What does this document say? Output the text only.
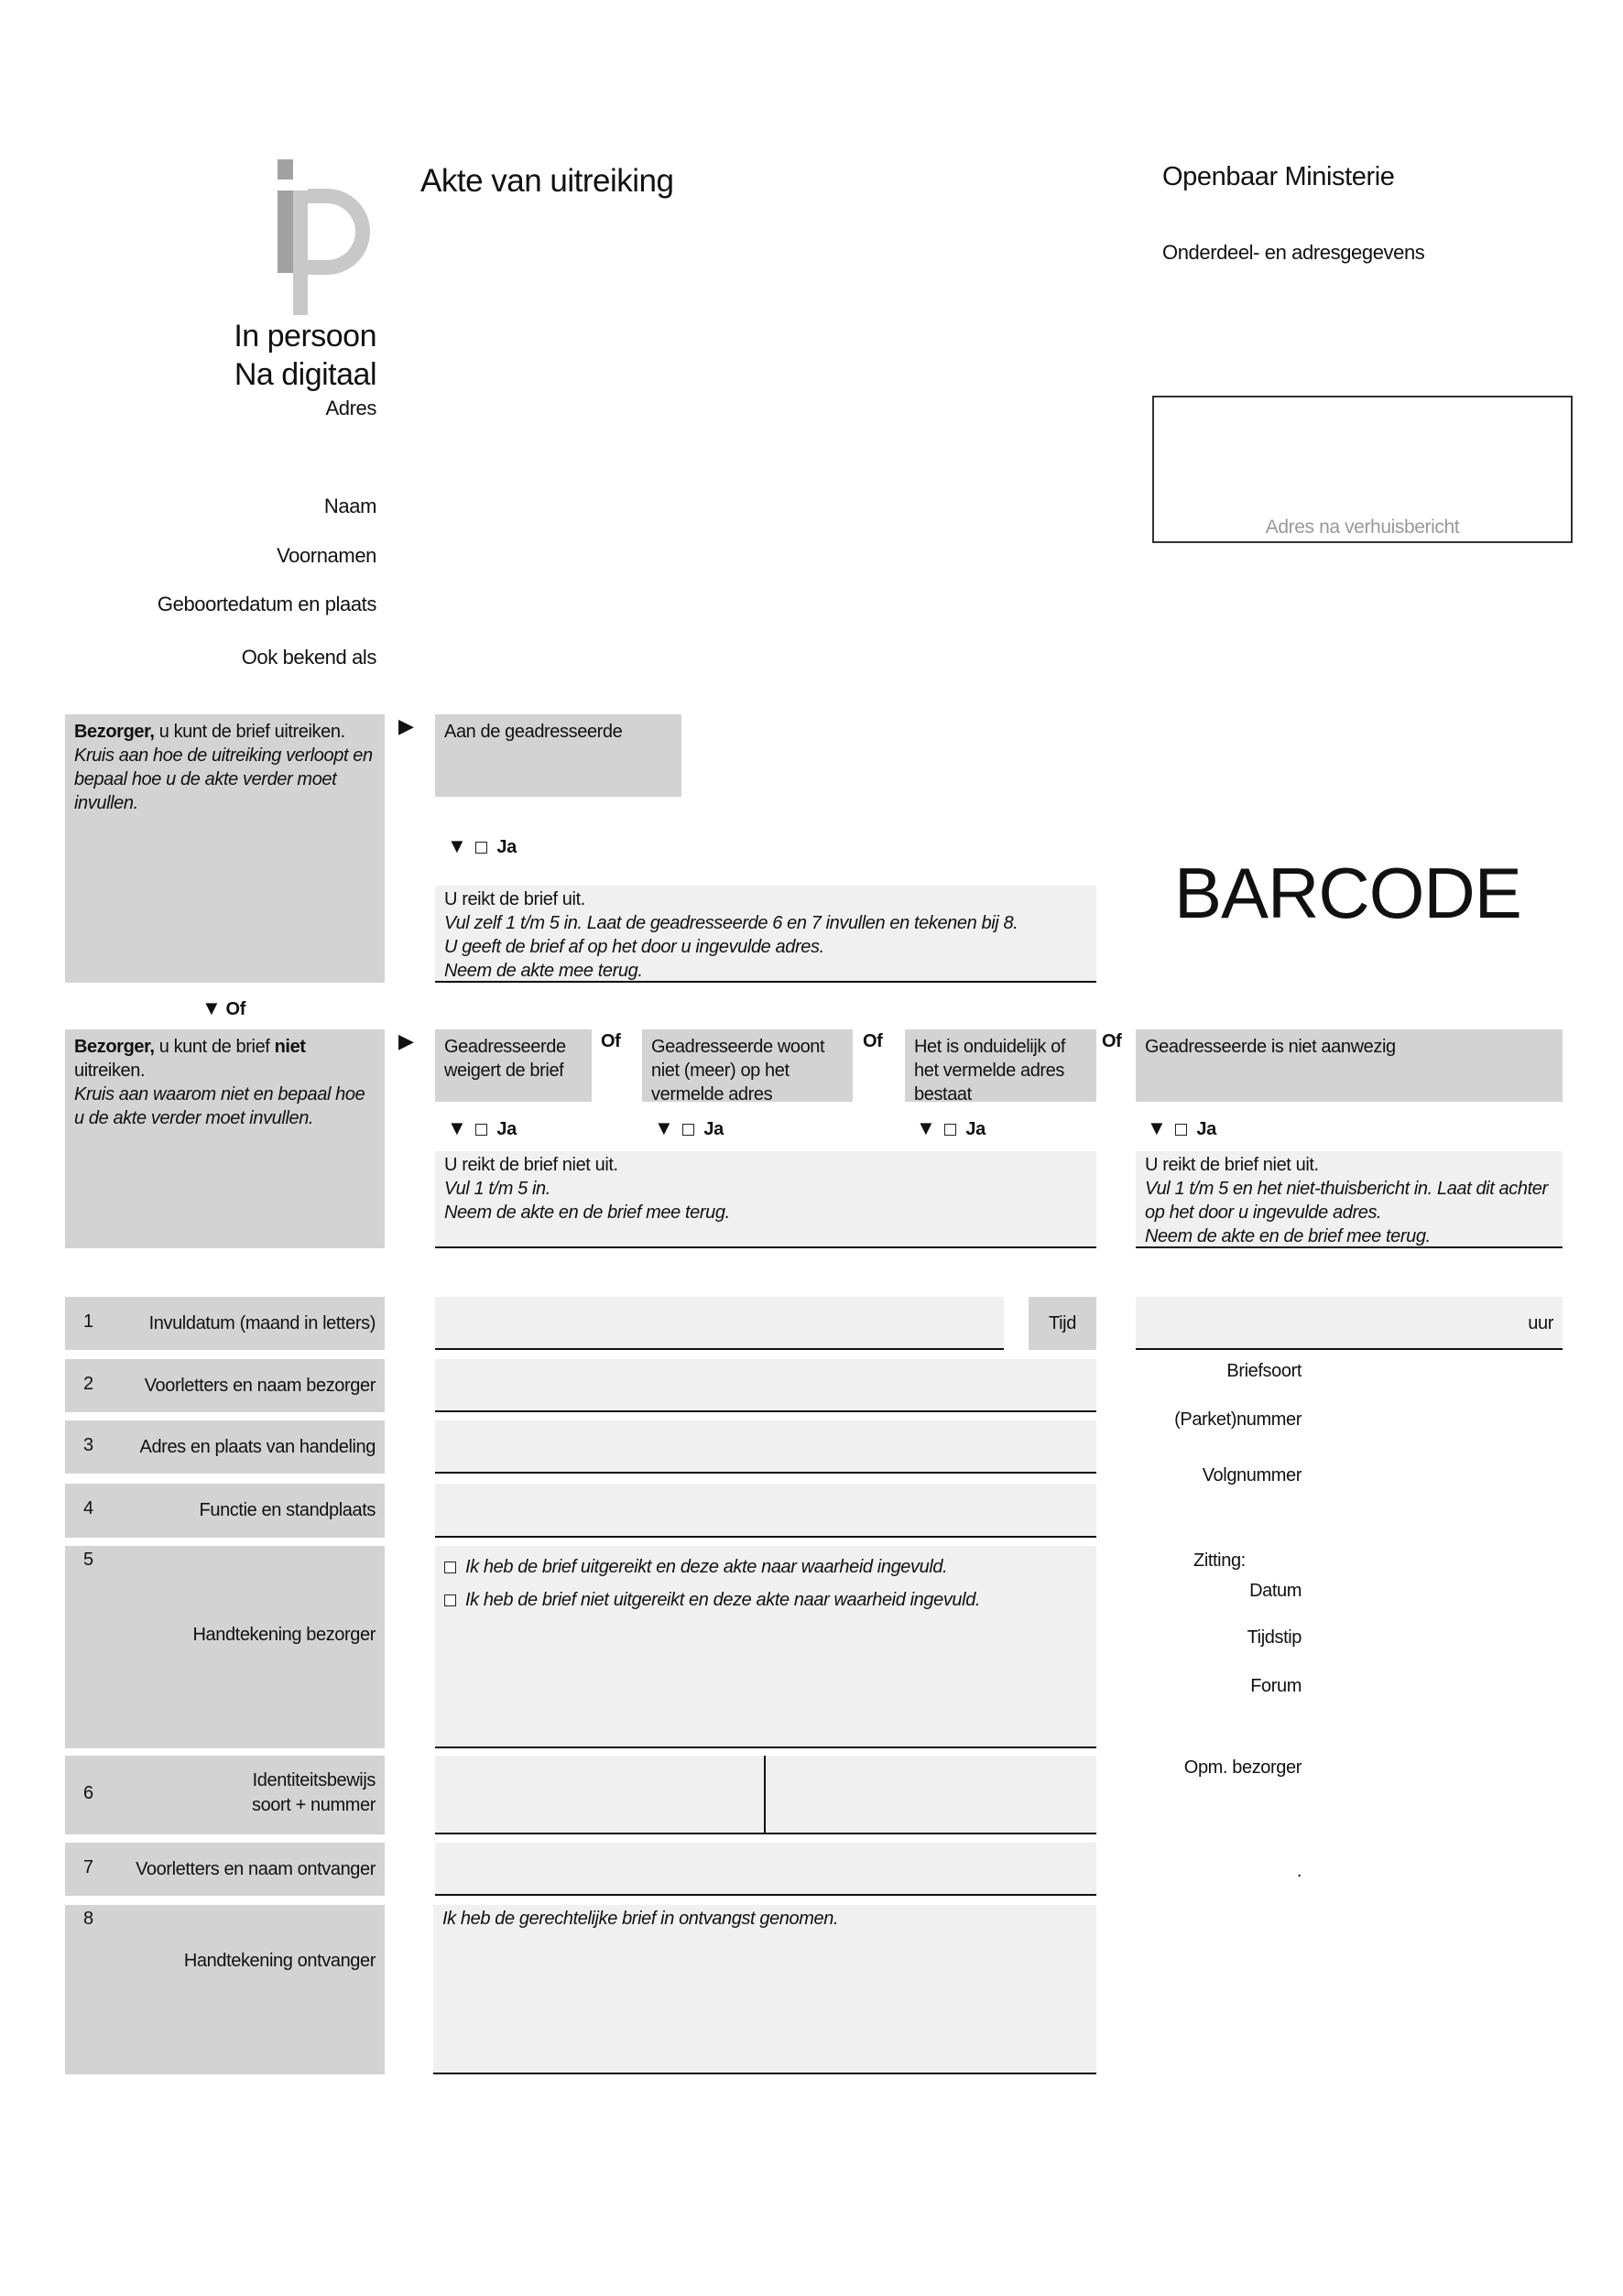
Akte van uitreiking	Openbaar Ministerie
Onderdeel- en adresgegevens
In persoon
Na digitaal
Adres
Naam
Voornamen
Geboortedatum en plaats
Ook bekend als
Adres na verhuisbericht
BARCODE
Bezorger, u kunt de brief uitreiken.
Kruis aan hoe de uitreiking verloopt en bepaal hoe u de akte verder moet invullen.
▶	Aan de geadresseerde
▼ Ja
U reikt de brief uit.
Vul zelf 1 t/m 5 in. Laat de geadresseerde 6 en 7 invullen en tekenen bij 8.
U geeft de brief af op het door u ingevulde adres.
Neem de akte mee terug.
▼ Of
Bezorger, u kunt de brief niet uitreiken.
Kruis aan waarom niet en bepaal hoe u de akte verder moet invullen.
▶	Geadresseerde weigert de brief
Of	Geadresseerde woont niet (meer) op het vermelde adres
Of	Het is onduidelijk of het vermelde adres bestaat
Of	Geadresseerde is niet aanwezig
▼ Ja	▼ Ja	▼ Ja	▼ Ja
U reikt de brief niet uit.
Vul 1 t/m 5 in.
Neem de akte en de brief mee terug.
U reikt de brief niet uit.
Vul 1 t/m 5 en het niet-thuisbericht in. Laat dit achter op het door u ingevulde adres.
Neem de akte en de brief mee terug.
1	Invuldatum (maand in letters)	Tijd	uur
2	Voorletters en naam bezorger
3	Adres en plaats van handeling
4	Functie en standplaats
5
Handtekening bezorger
Ik heb de brief uitgereikt en deze akte naar waarheid ingevuld.
Ik heb de brief niet uitgereikt en deze akte naar waarheid ingevuld.
6
Identiteitsbewijs
soort + nummer
7 Voorletters en naam ontvanger
8
Handtekening ontvanger
Ik heb de gerechtelijke brief in ontvangst genomen.
Briefsoort
(Parket)nummer
Volgnummer
Zitting:
Datum
Tijdstip
Forum
Opm. bezorger
.
